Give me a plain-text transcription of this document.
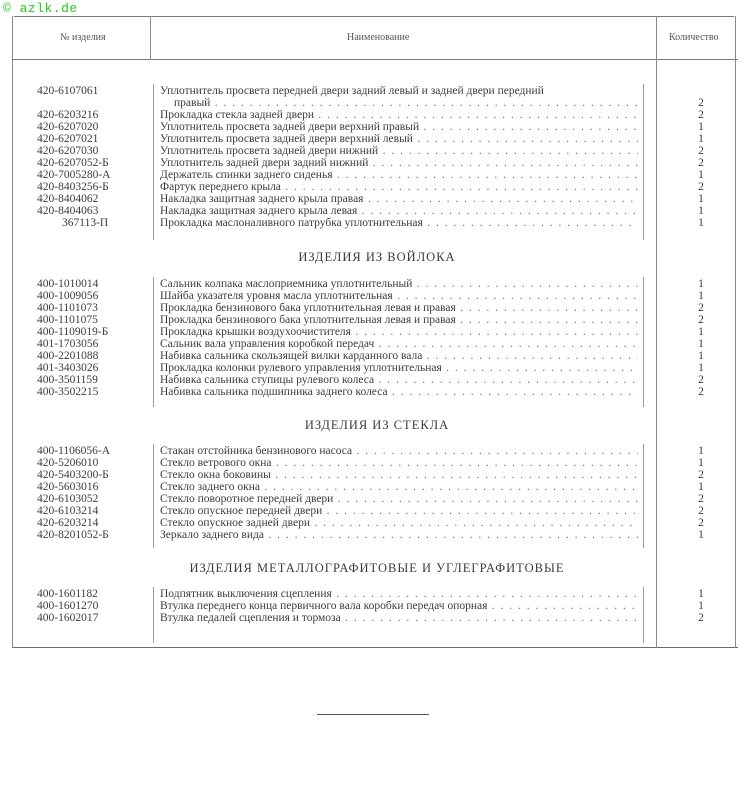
© azlk.de
№ изделия	Наименование	Количество
420-6107061	Уплотнитель просвета передней двери задний левый и задней двери передний
правый . . .	2
420-6203216	Прокладка стекла задней двери . . .	2
420-6207020	Уплотнитель просвета задней двери верхний правый . . .	1
420-6207021	Уплотнитель просвета задней двери верхний левый . . .	1
420-6207030	Уплотнитель просвета задней двери нижний . . .	2
420-6207052-Б	Уплотнитель задней двери задний нижний . . .	2
420-7005280-А	Держатель спинки заднего сиденья . . .	1
420-8403256-Б	Фартук переднего крыла . . .	2
420-8404062	Накладка защитная заднего крыла правая . . .	1
420-8404063	Накладка защитная заднего крыла левая . . .	1
367113-П	Прокладка маслоналивного патрубка уплотнительная . . .	1
ИЗДЕЛИЯ ИЗ ВОЙЛОКА
400-1010014	Сальник колпака маслоприемника уплотнительный . . .	1
400-1009056	Шайба указателя уровня масла уплотнительная . . .	1
400-1101073	Прокладка бензинового бака уплотнительная левая и правая . . .	2
400-1101075	Прокладка бензинового бака уплотнительная левая и правая . . .	2
400-1109019-Б	Прокладка крышки воздухоочистителя . . .	1
401-1703056	Сальник вала управления коробкой передач . . .	1
400-2201088	Набивка сальника скользящей вилки карданного вала . . .	1
401-3403026	Прокладка колонки рулевого управления уплотнительная . . .	1
400-3501159	Набивка сальника ступицы рулевого колеса . . .	2
400-3502215	Набивка сальника подшипника заднего колеса . . .	2
ИЗДЕЛИЯ ИЗ СТЕКЛА
400-1106056-А	Стакан отстойника бензинового насоса . . .	1
420-5206010	Стекло ветрового окна . . .	1
420-5403200-Б	Стекло окна боковины . . .	2
420-5603016	Стекло заднего окна . . .	1
420-6103052	Стекло поворотное передней двери . . .	2
420-6103214	Стекло опускное передней двери . . .	2
420-6203214	Стекло опускное задней двери . . .	2
420-8201052-Б	Зеркало заднего вида . . .	1
ИЗДЕЛИЯ МЕТАЛЛОГРАФИТОВЫЕ И УГЛЕГРАФИТОВЫЕ
400-1601182	Подпятник выключения сцепления . . .	1
400-1601270	Втулка переднего конца первичного вала коробки передач опорная . . .	1
400-1602017	Втулка педалей сцепления и тормоза . . .	2
